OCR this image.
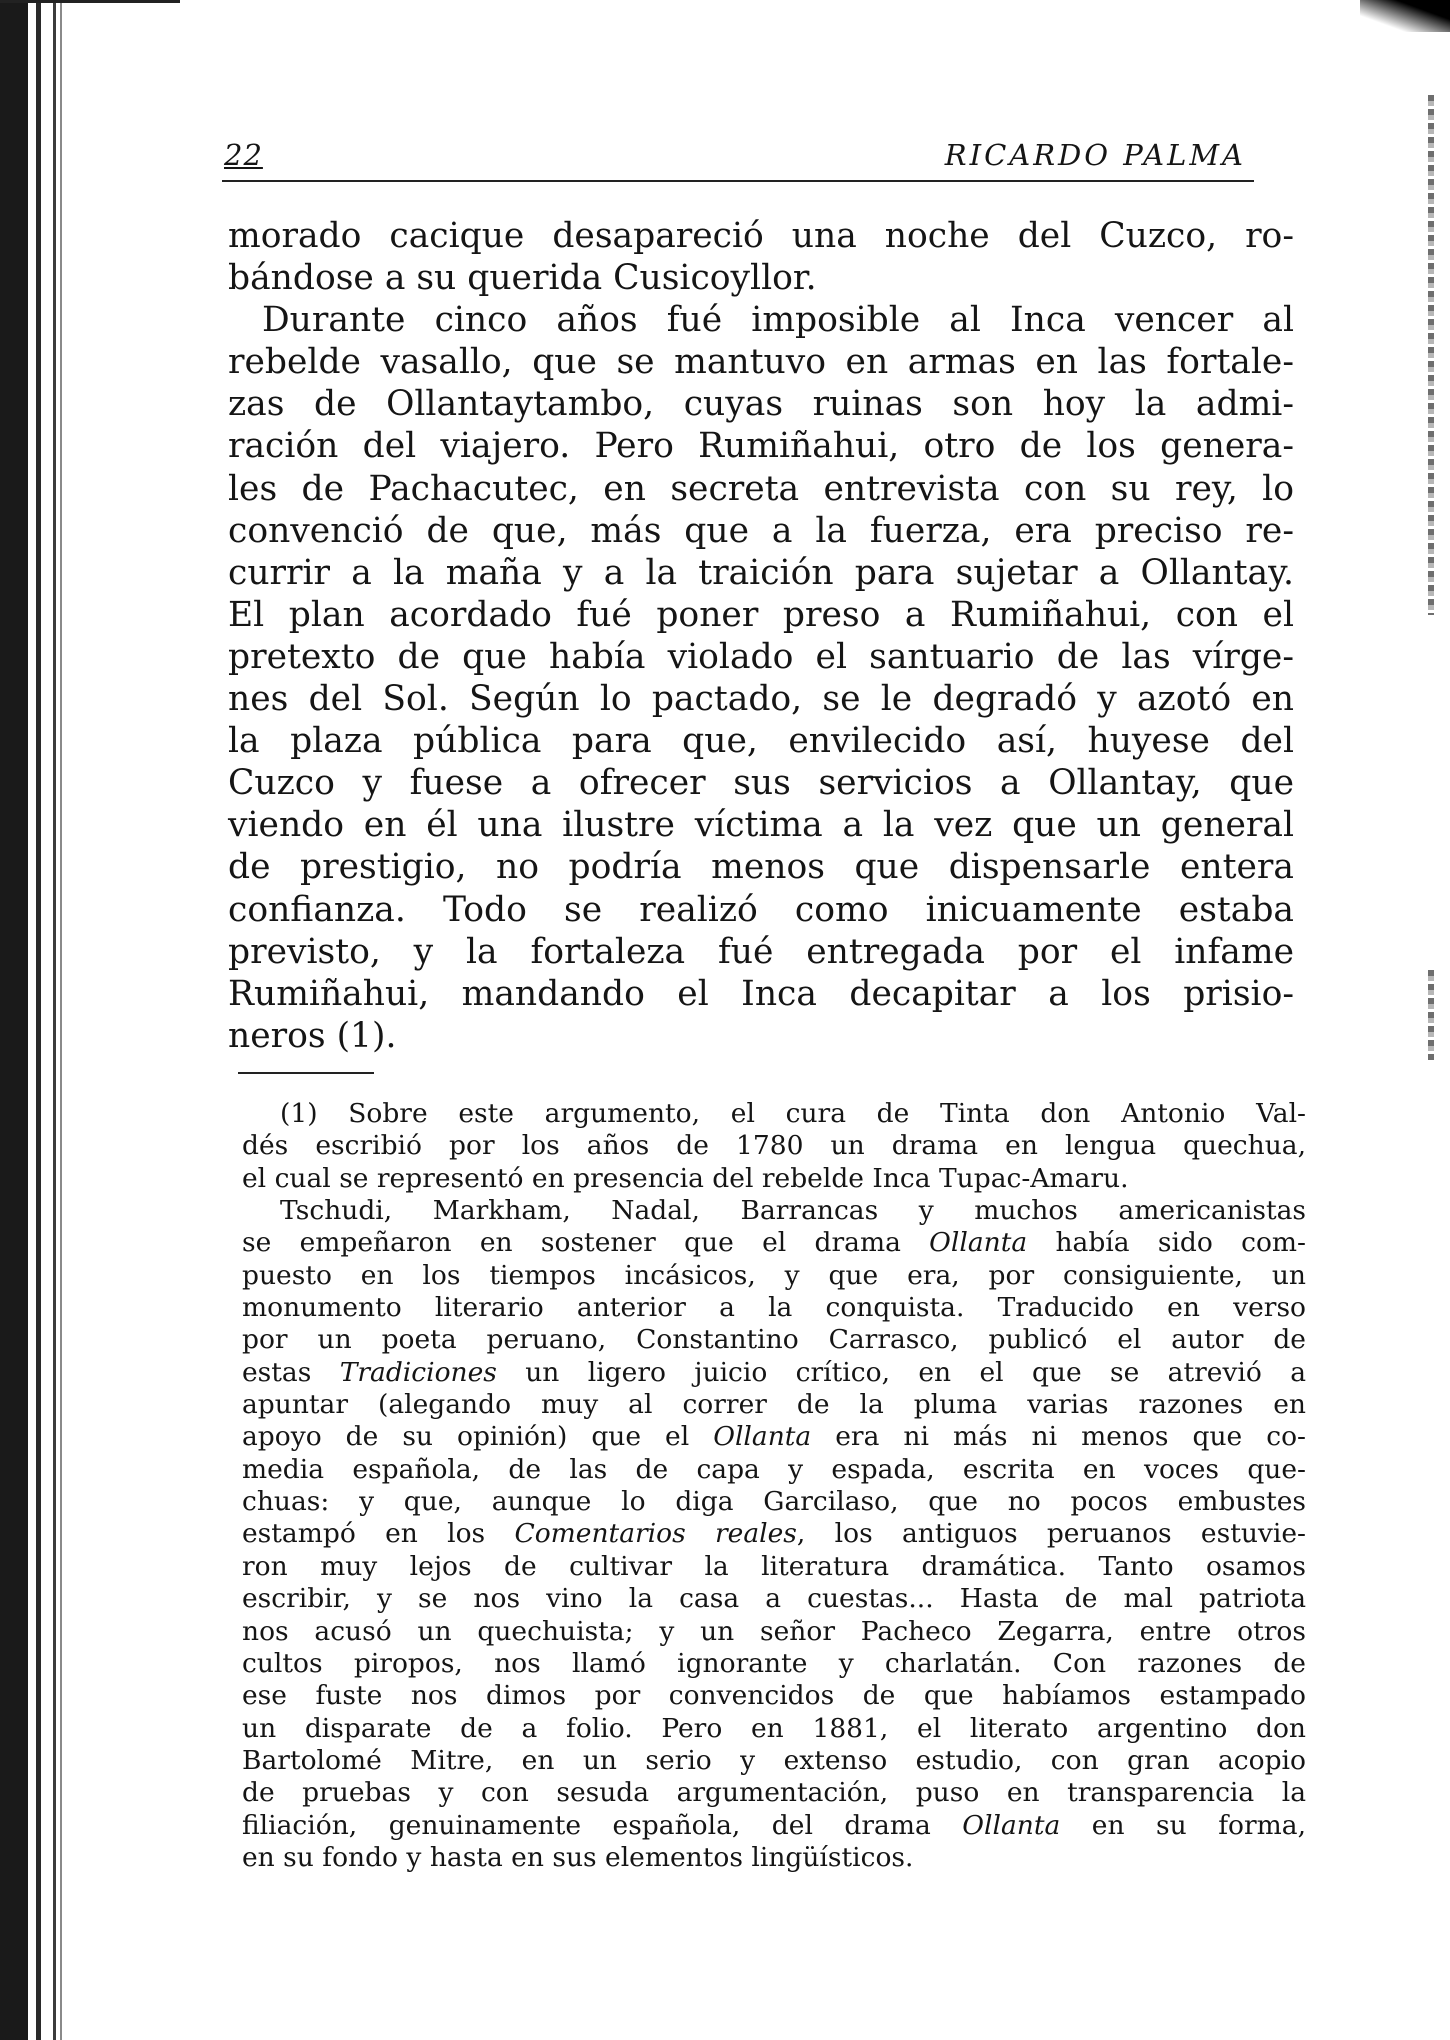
22	RICARDO PALMA
morado cacique desapareció una noche del Cuzco, ro-
bándose a su querida Cusicoyllor.
Durante cinco años fué imposible al Inca vencer al
rebelde vasallo, que se mantuvo en armas en las fortale-
zas de Ollantaytambo, cuyas ruinas son hoy la admi-
ración del viajero. Pero Rumiñahui, otro de los genera-
les de Pachacutec, en secreta entrevista con su rey, lo
convenció de que, más que a la fuerza, era preciso re-
currir a la maña y a la traición para sujetar a Ollantay.
El plan acordado fué poner preso a Rumiñahui, con el
pretexto de que había violado el santuario de las vírge-
nes del Sol. Según lo pactado, se le degradó y azotó en
la plaza pública para que, envilecido así, huyese del
Cuzco y fuese a ofrecer sus servicios a Ollantay, que
viendo en él una ilustre víctima a la vez que un general
de prestigio, no podría menos que dispensarle entera
confianza. Todo se realizó como inicuamente estaba
previsto, y la fortaleza fué entregada por el infame
Rumiñahui, mandando el Inca decapitar a los prisio-
neros (1).
(1) Sobre este argumento, el cura de Tinta don Antonio Val-
dés escribió por los años de 1780 un drama en lengua quechua,
el cual se representó en presencia del rebelde Inca Tupac-Amaru.
Tschudi, Markham, Nadal, Barrancas y muchos americanistas
se empeñaron en sostener que el drama Ollanta había sido com-
puesto en los tiempos incásicos, y que era, por consiguiente, un
monumento literario anterior a la conquista. Traducido en verso
por un poeta peruano, Constantino Carrasco, publicó el autor de
estas Tradiciones un ligero juicio crítico, en el que se atrevió a
apuntar (alegando muy al correr de la pluma varias razones en
apoyo de su opinión) que el Ollanta era ni más ni menos que co-
media española, de las de capa y espada, escrita en voces que-
chuas: y que, aunque lo diga Garcilaso, que no pocos embustes
estampó en los Comentarios reales, los antiguos peruanos estuvie-
ron muy lejos de cultivar la literatura dramática. Tanto osamos
escribir, y se nos vino la casa a cuestas... Hasta de mal patriota
nos acusó un quechuista; y un señor Pacheco Zegarra, entre otros
cultos piropos, nos llamó ignorante y charlatán. Con razones de
ese fuste nos dimos por convencidos de que habíamos estampado
un disparate de a folio. Pero en 1881, el literato argentino don
Bartolomé Mitre, en un serio y extenso estudio, con gran acopio
de pruebas y con sesuda argumentación, puso en transparencia la
filiación, genuinamente española, del drama Ollanta en su forma,
en su fondo y hasta en sus elementos lingüísticos.
